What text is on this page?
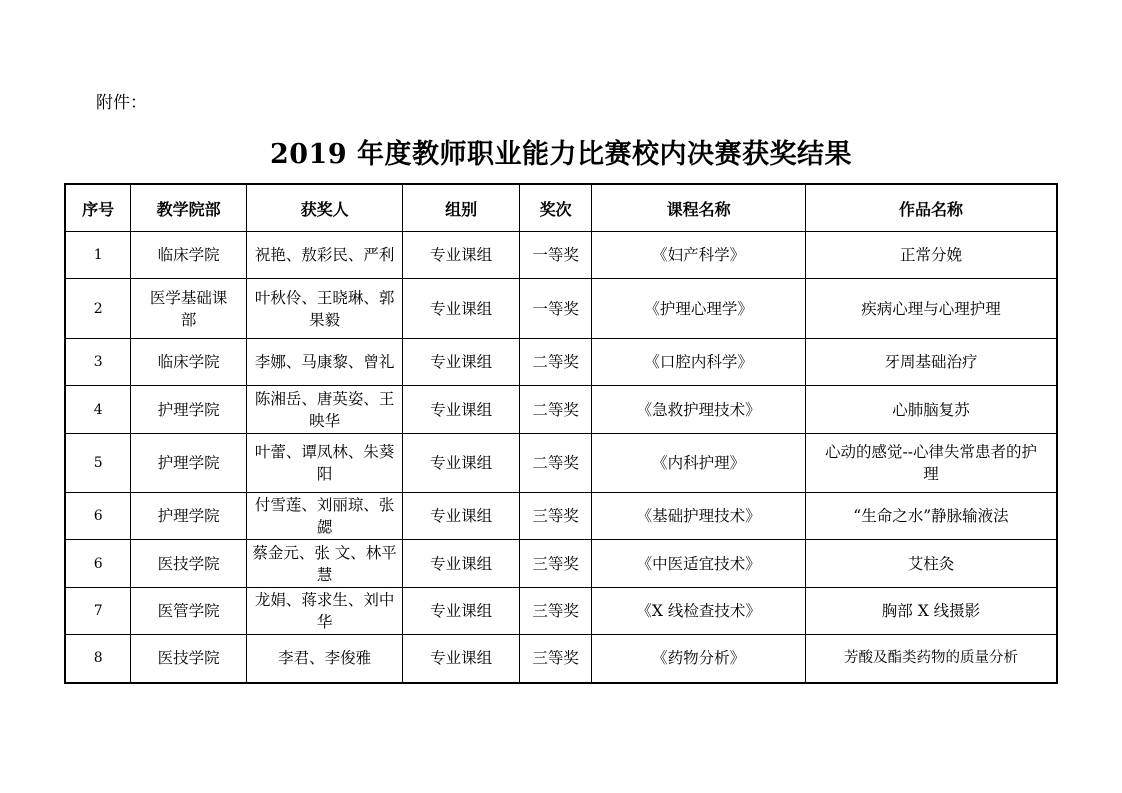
附件：
2019 年度教师职业能力比赛校内决赛获奖结果
序号	教学院部	获奖人	组别	奖次	课程名称	作品名称
1	临床学院	祝艳、敖彩民、严利	专业课组	一等奖	《妇产科学》	正常分娩
2	医学基础课部	叶秋伶、王晓琳、郭果毅	专业课组	一等奖	《护理心理学》	疾病心理与心理护理
3	临床学院	李娜、马康黎、曾礼	专业课组	二等奖	《口腔内科学》	牙周基础治疗
4	护理学院	陈湘岳、唐英姿、王映华	专业课组	二等奖	《急救护理技术》	心肺脑复苏
5	护理学院	叶蕾、谭凤林、朱葵阳	专业课组	二等奖	《内科护理》	心动的感觉--心律失常患者的护理
6	护理学院	付雪莲、刘丽琼、张勰	专业课组	三等奖	《基础护理技术》	“生命之水”静脉输液法
6	医技学院	蔡金元、张 文、林平慧	专业课组	三等奖	《中医适宜技术》	艾柱灸
7	医管学院	龙娟、蒋求生、刘中华	专业课组	三等奖	《X 线检查技术》	胸部 X 线摄影
8	医技学院	李君、李俊雅	专业课组	三等奖	《药物分析》	芳酸及酯类药物的质量分析
